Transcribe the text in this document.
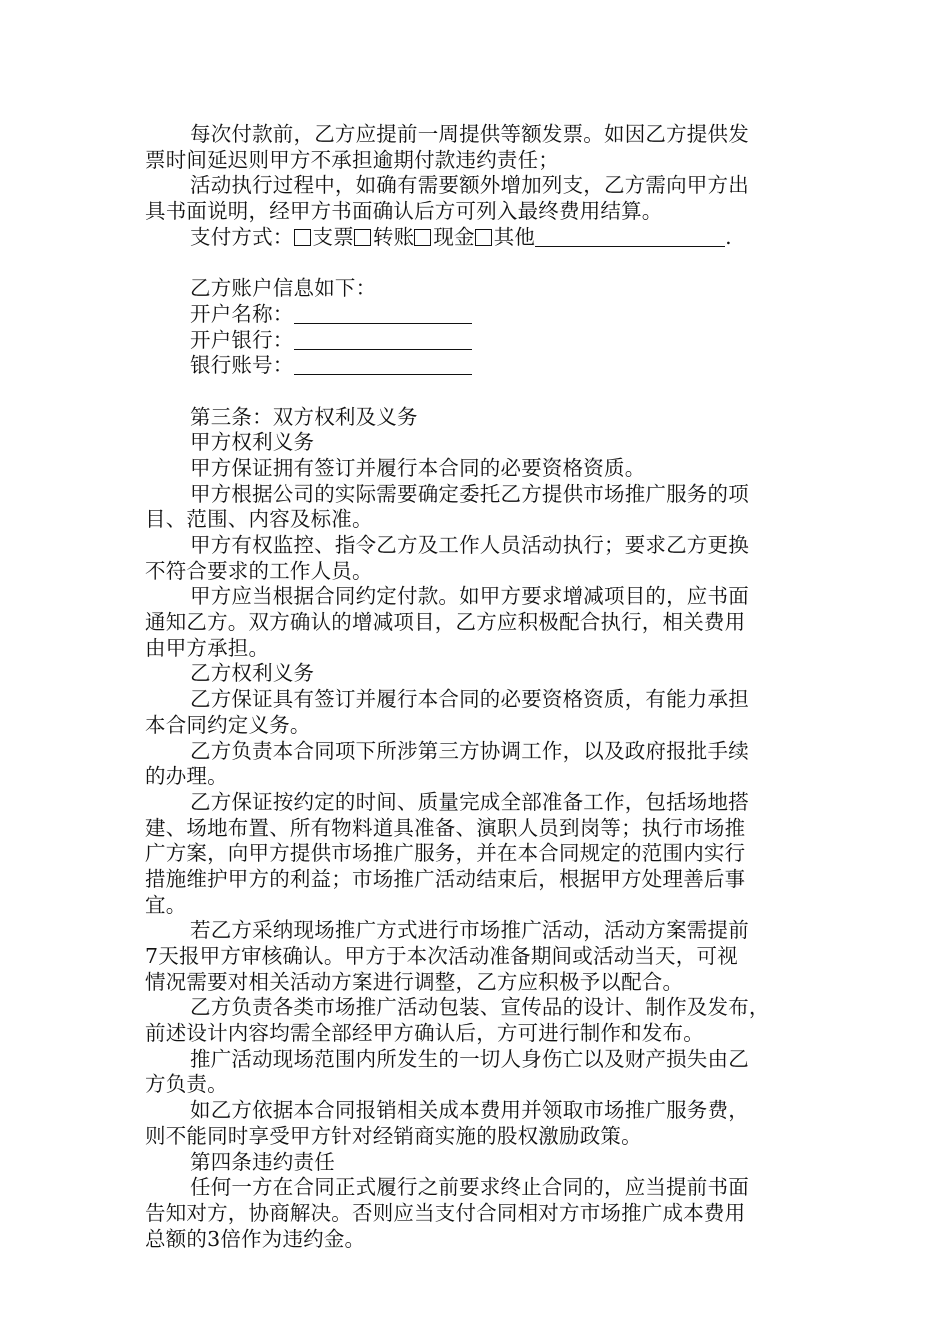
每次付款前，乙方应提前一周提供等额发票。如因乙方提供发
票时间延迟则甲方不承担逾期付款违约责任；
活动执行过程中，如确有需要额外增加列支，乙方需向甲方出
具书面说明，经甲方书面确认后方可列入最终费用结算。
支付方式： 支票 转账 现金 其他	.
乙方账户信息如下：
开户名称：
开户银行：
银行账号：
第三条：双方权利及义务
甲方权利义务
甲方保证拥有签订并履行本合同的必要资格资质。
甲方根据公司的实际需要确定委托乙方提供市场推广服务的项
目、范围、内容及标准。
甲方有权监控、指令乙方及工作人员活动执行；要求乙方更换
不符合要求的工作人员。
甲方应当根据合同约定付款。如甲方要求增减项目的，应书面
通知乙方。双方确认的增减项目，乙方应积极配合执行，相关费用
由甲方承担。
乙方权利义务
乙方保证具有签订并履行本合同的必要资格资质，有能力承担
本合同约定义务。
乙方负责本合同项下所涉第三方协调工作，以及政府报批手续
的办理。
乙方保证按约定的时间、质量完成全部准备工作，包括场地搭
建、场地布置、所有物料道具准备、演职人员到岗等；执行市场推
广方案，向甲方提供市场推广服务，并在本合同规定的范围内实行
措施维护甲方的利益；市场推广活动结束后，根据甲方处理善后事
宜。
若乙方采纳现场推广方式进行市场推广活动，活动方案需提前
7天报甲方审核确认。甲方于本次活动准备期间或活动当天，可视
情况需要对相关活动方案进行调整，乙方应积极予以配合。
乙方负责各类市场推广活动包装、宣传品的设计、制作及发布，
前述设计内容均需全部经甲方确认后，方可进行制作和发布。
推广活动现场范围内所发生的一切人身伤亡以及财产损失由乙
方负责。
如乙方依据本合同报销相关成本费用并领取市场推广服务费，
则不能同时享受甲方针对经销商实施的股权激励政策。
第四条违约责任
任何一方在合同正式履行之前要求终止合同的，应当提前书面
告知对方，协商解决。否则应当支付合同相对方市场推广成本费用
总额的3倍作为违约金。
